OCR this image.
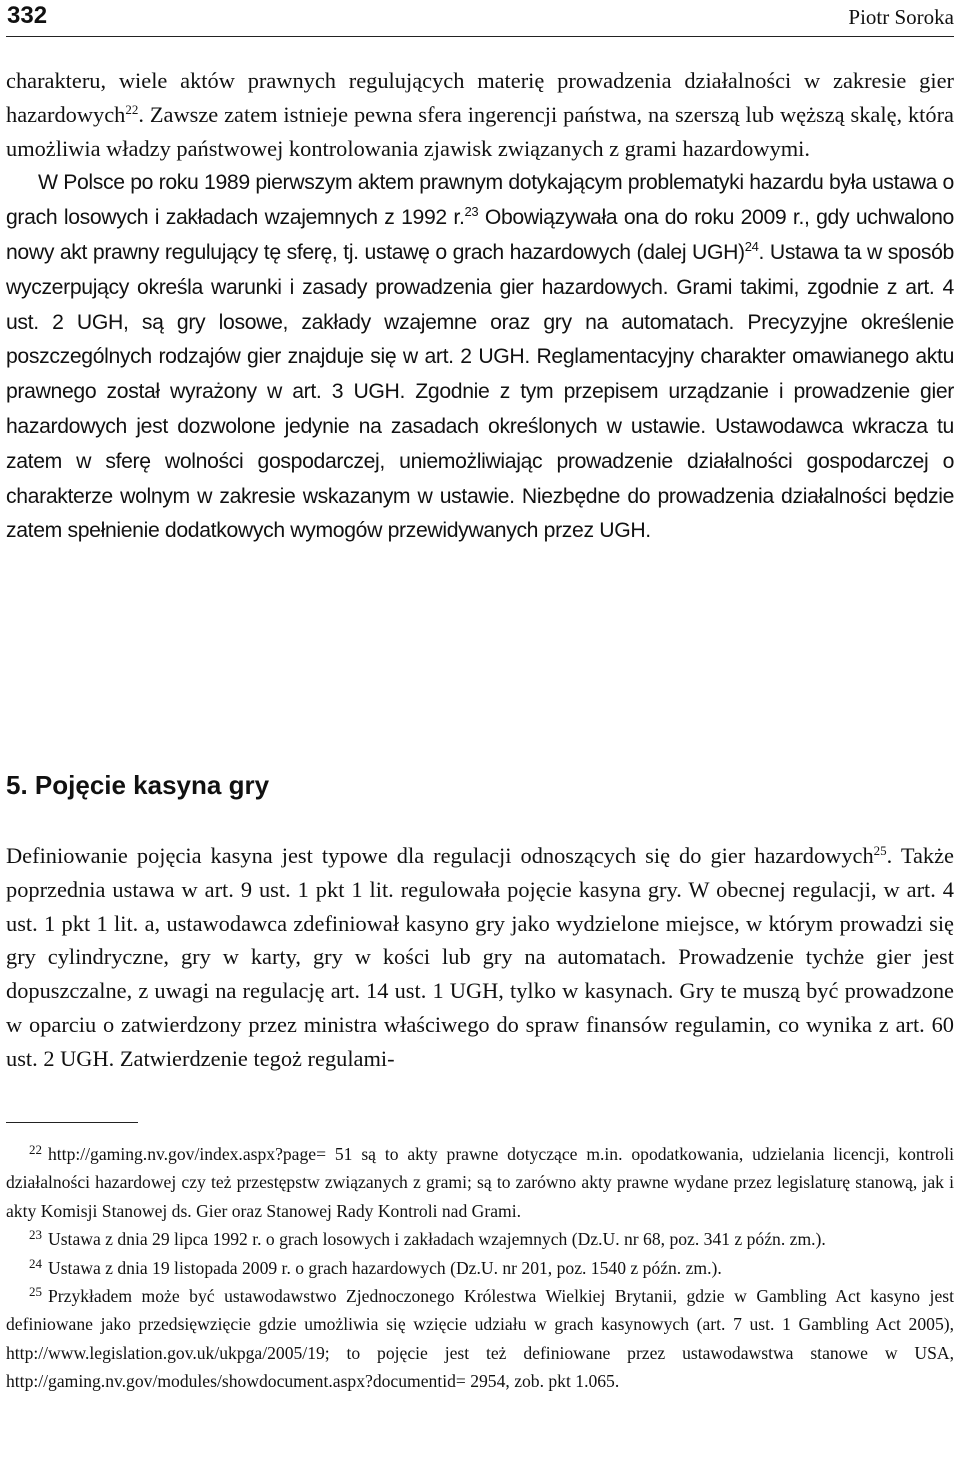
332	Piotr Soroka

charakteru, wiele aktów prawnych regulujących materię prowadzenia działalności w zakresie gier hazardowych$^{22}$. Zawsze zatem istnieje pewna sfera ingerencji państwa, na szerszą lub węższą skalę, która umożliwia władzy państwowej kontrolowania zjawisk związanych z grami hazardowymi.
W Polsce po roku 1989 pierwszym aktem prawnym dotykającym problematyki hazardu była ustawa o grach losowych i zakładach wzajemnych z 1992 r.$^{23}$ Obowiązywała ona do roku 2009 r., gdy uchwalono nowy akt prawny regulujący tę sferę, tj. ustawę o grach hazardowych (dalej UGH)$^{24}$. Ustawa ta w sposób wyczerpujący określa warunki i zasady prowadzenia gier hazardowych. Grami takimi, zgodnie z art. 4 ust. 2 UGH, są gry losowe, zakłady wzajemne oraz gry na automatach. Precyzyjne określenie poszczególnych rodzajów gier znajduje się w art. 2 UGH. Reglamentacyjny charakter omawianego aktu prawnego został wyrażony w art. 3 UGH. Zgodnie z tym przepisem urządzanie i prowadzenie gier hazardowych jest dozwolone jedynie na zasadach określonych w ustawie. Ustawodawca wkracza tu zatem w sferę wolności gospodarczej, uniemożliwiając prowadzenie działalności gospodarczej o charakterze wolnym w zakresie wskazanym w ustawie. Niezbędne do prowadzenia działalności będzie zatem spełnienie dodatkowych wymogów przewidywanych przez UGH.

5. Pojęcie kasyna gry

Definiowanie pojęcia kasyna jest typowe dla regulacji odnoszących się do gier hazardowych$^{25}$. Także poprzednia ustawa w art. 9 ust. 1 pkt 1 lit. regulowała pojęcie kasyna gry. W obecnej regulacji, w art. 4 ust. 1 pkt 1 lit. a, ustawodawca zdefiniował kasyno gry jako wydzielone miejsce, w którym prowadzi się gry cylindryczne, gry w karty, gry w kości lub gry na automatach. Prowadzenie tychże gier jest dopuszczalne, z uwagi na regulację art. 14 ust. 1 UGH, tylko w kasynach. Gry te muszą być prowadzone w oparciu o zatwierdzony przez ministra właściwego do spraw finansów regulamin, co wynika z art. 60 ust. 2 UGH. Zatwierdzenie tegoż regulami-

22 http://gaming.nv.gov/index.aspx?page= 51 są to akty prawne dotyczące m.in. opodatkowania, udzielania licencji, kontroli działalności hazardowej czy też przestępstw związanych z grami; są to zarówno akty prawne wydane przez legislaturę stanową, jak i akty Komisji Stanowej ds. Gier oraz Stanowej Rady Kontroli nad Grami.

23 Ustawa z dnia 29 lipca 1992 r. o grach losowych i zakładach wzajemnych (Dz.U. nr 68, poz. 341 z późn. zm.).

24 Ustawa z dnia 19 listopada 2009 r. o grach hazardowych (Dz.U. nr 201, poz. 1540 z późn. zm.).

25 Przykładem może być ustawodawstwo Zjednoczonego Królestwa Wielkiej Brytanii, gdzie w Gambling Act kasyno jest definiowane jako przedsięwzięcie gdzie umożliwia się wzięcie udziału w grach kasynowych (art. 7 ust. 1 Gambling Act 2005), http://www.legislation.gov.uk/ukpga/2005/19; to pojęcie jest też definiowane przez ustawodawstwa stanowe w USA, http://gaming.nv.gov/modules/showdocument.aspx?documentid= 2954, zob. pkt 1.065.
